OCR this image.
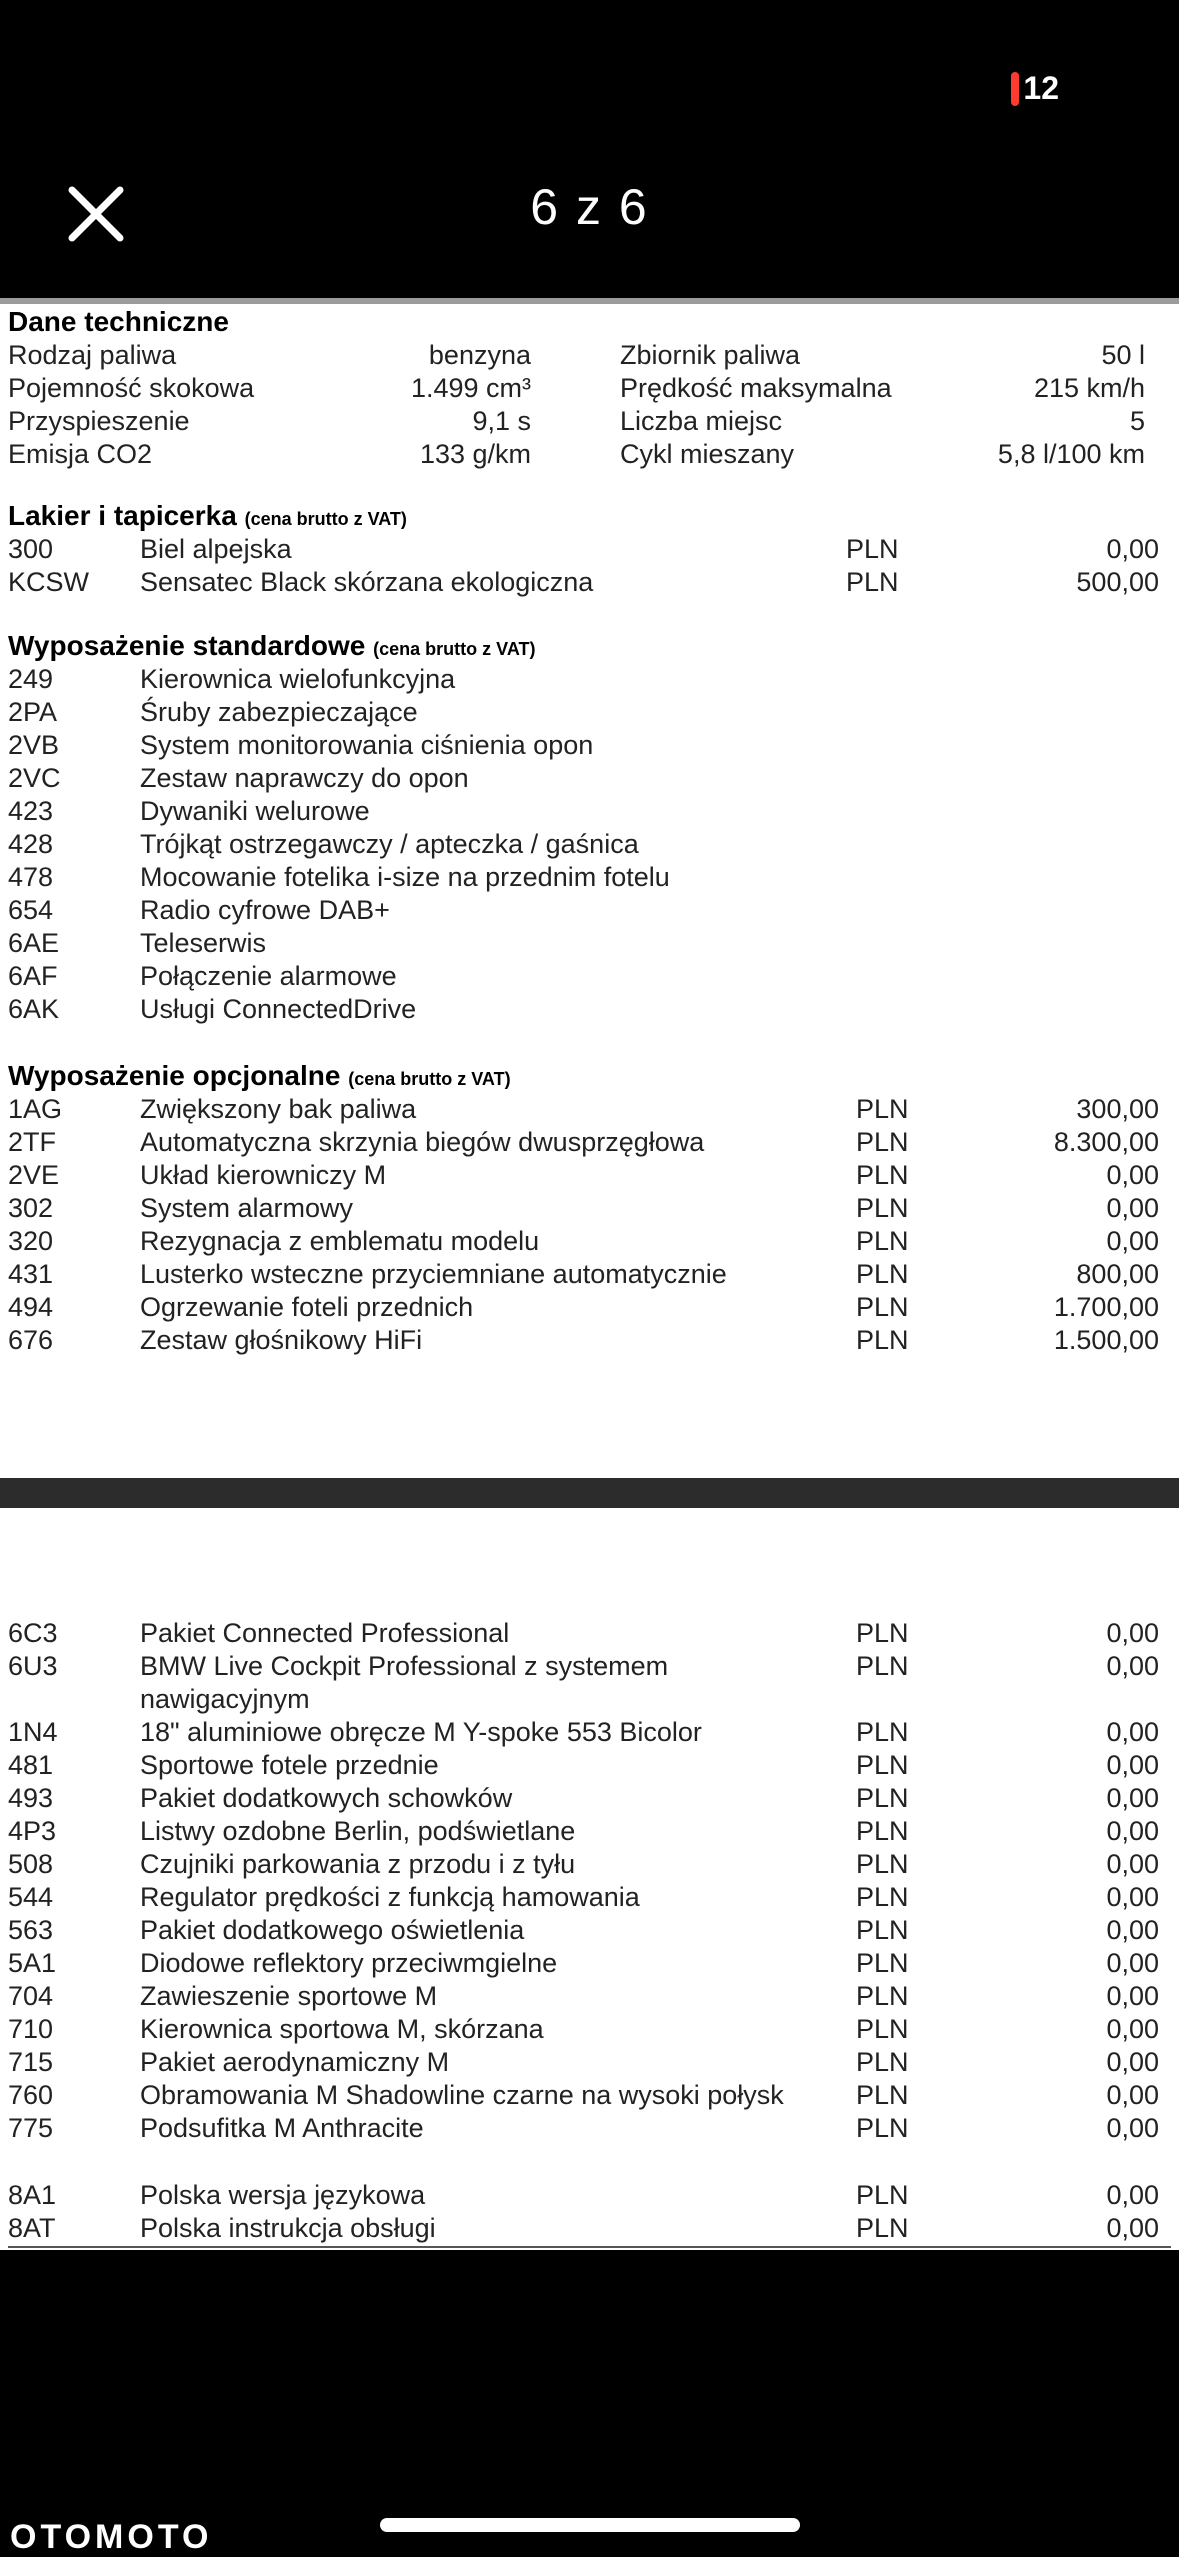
12
6 z 6
Dane techniczne
Rodzaj paliwa	benzyna	Zbiornik paliwa	50 l
Pojemność skokowa	1.499 cm³	Prędkość maksymalna	215 km/h
Przyspieszenie	9,1 s	Liczba miejsc	5
Emisja CO2	133 g/km	Cykl mieszany	5,8 l/100 km
Lakier i tapicerka (cena brutto z VAT)
300	Biel alpejska	PLN	0,00
KCSW Sensatec Black skórzana ekologiczna	PLN	500,00
Wyposażenie standardowe (cena brutto z VAT)
249	Kierownica wielofunkcyjna
2PA	Śruby zabezpieczające
2VB	System monitorowania ciśnienia opon
2VC	Zestaw naprawczy do opon
423	Dywaniki welurowe
428	Trójkąt ostrzegawczy / apteczka / gaśnica
478	Mocowanie fotelika i-size na przednim fotelu
654	Radio cyfrowe DAB+
6AE	Teleserwis
6AF	Połączenie alarmowe
6AK	Usługi ConnectedDrive
Wyposażenie opcjonalne (cena brutto z VAT)
1AG	Zwiększony bak paliwa	PLN	300,00
2TF	Automatyczna skrzynia biegów dwusprzęgłowa	PLN	8.300,00
2VE	Układ kierowniczy M	PLN	0,00
302	System alarmowy	PLN	0,00
320	Rezygnacja z emblematu modelu	PLN	0,00
431	Lusterko wsteczne przyciemniane automatycznie	PLN	800,00
494	Ogrzewanie foteli przednich	PLN	1.700,00
676	Zestaw głośnikowy HiFi	PLN	1.500,00
6C3	Pakiet Connected Professional	PLN	0,00
6U3	BMW Live Cockpit Professional z systemem	PLN	0,00
nawigacyjnym
1N4	18" aluminiowe obręcze M Y-spoke 553 Bicolor	PLN	0,00
481	Sportowe fotele przednie	PLN	0,00
493	Pakiet dodatkowych schowków	PLN	0,00
4P3	Listwy ozdobne Berlin, podświetlane	PLN	0,00
508	Czujniki parkowania z przodu i z tyłu	PLN	0,00
544	Regulator prędkości z funkcją hamowania	PLN	0,00
563	Pakiet dodatkowego oświetlenia	PLN	0,00
5A1	Diodowe reflektory przeciwmgielne	PLN	0,00
704	Zawieszenie sportowe M	PLN	0,00
710	Kierownica sportowa M, skórzana	PLN	0,00
715	Pakiet aerodynamiczny M	PLN	0,00
760	Obramowania M Shadowline czarne na wysoki połysk	PLN	0,00
775	Podsufitka M Anthracite	PLN	0,00
8A1	Polska wersja językowa	PLN	0,00
8AT	Polska instrukcja obsługi	PLN	0,00
OTOMOTO
